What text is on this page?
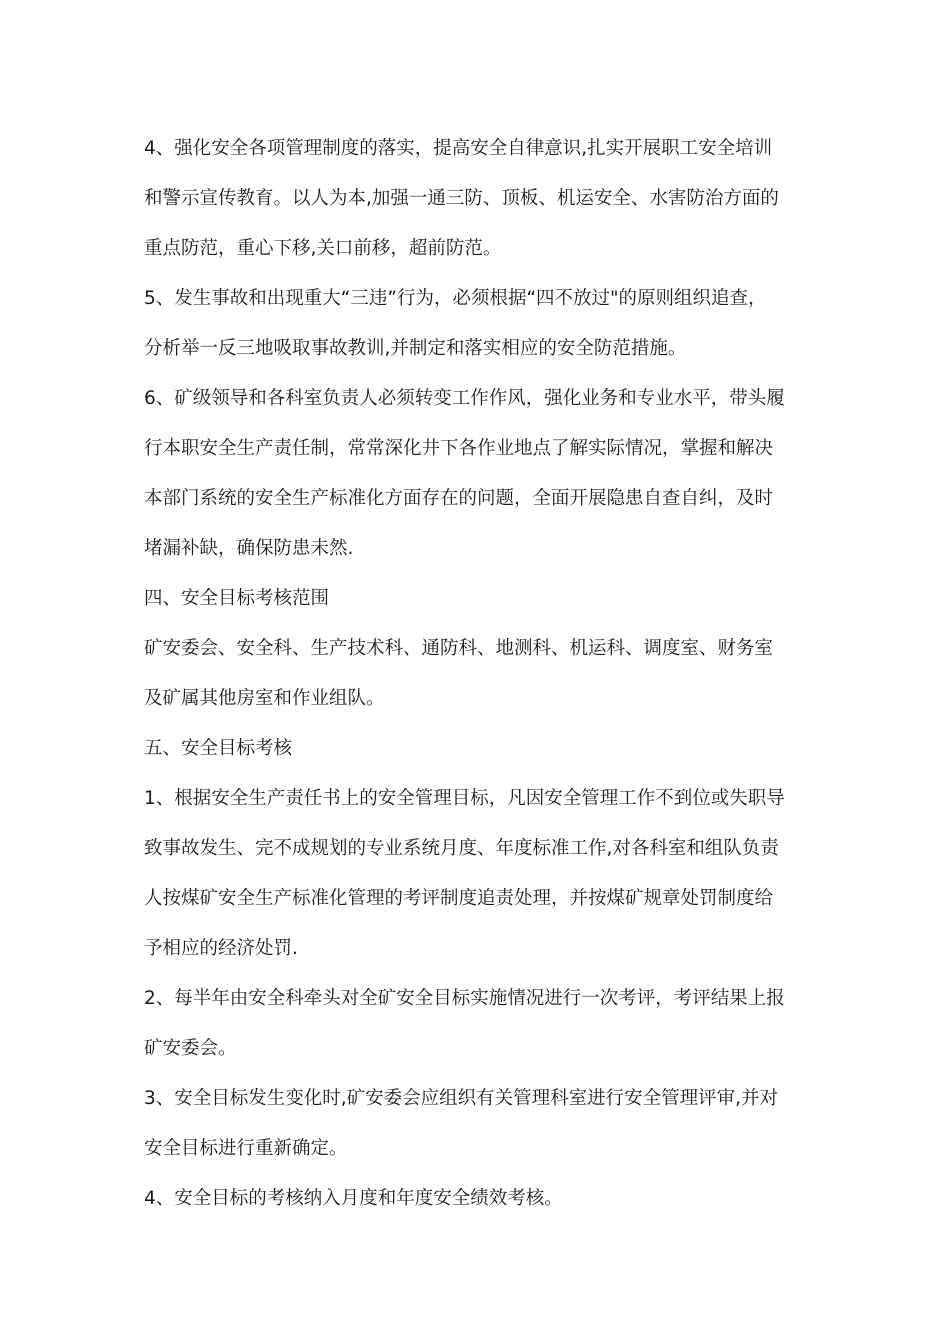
4、强化安全各项管理制度的落实，提高安全自律意识,扎实开展职工安全培训
和警示宣传教育。以人为本,加强一通三防、顶板、机运安全、水害防治方面的
重点防范，重心下移,关口前移，超前防范。
5、发生事故和出现重大“三违”行为，必须根据“四不放过"的原则组织追查，
分析举一反三地吸取事故教训,并制定和落实相应的安全防范措施。
6、矿级领导和各科室负责人必须转变工作作风，强化业务和专业水平，带头履
行本职安全生产责任制，常常深化井下各作业地点了解实际情况，掌握和解决
本部门系统的安全生产标准化方面存在的问题，全面开展隐患自查自纠，及时
堵漏补缺，确保防患未然.
四、安全目标考核范围
矿安委会、安全科、生产技术科、通防科、地测科、机运科、调度室、财务室
及矿属其他房室和作业组队。
五、安全目标考核
1、根据安全生产责任书上的安全管理目标，凡因安全管理工作不到位或失职导
致事故发生、完不成规划的专业系统月度、年度标准工作,对各科室和组队负责
人按煤矿安全生产标准化管理的考评制度追责处理，并按煤矿规章处罚制度给
予相应的经济处罚.
2、每半年由安全科牵头对全矿安全目标实施情况进行一次考评，考评结果上报
矿安委会。
3、安全目标发生变化时,矿安委会应组织有关管理科室进行安全管理评审,并对
安全目标进行重新确定。
4、安全目标的考核纳入月度和年度安全绩效考核。
